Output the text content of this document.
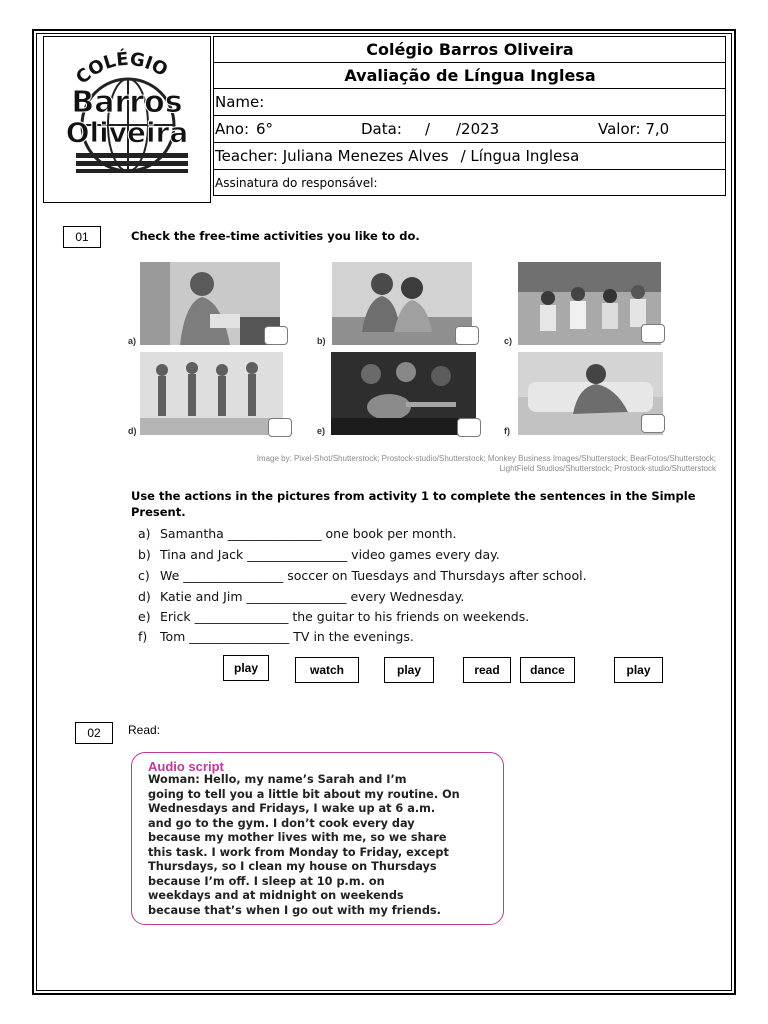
COLÉGIO
Barros
Oliveira
Colégio Barros Oliveira
Avaliação de Língua Inglesa
Name:
Ano: 6°	Data: / /2023	Valor: 7,0
Teacher: Juliana Menezes Alves / Língua Inglesa
Assinatura do responsável:
01	Check the free-time activities you like to do.
a)	b)	c)
d)	e)	f)
Image by: Pixel-Shot/Shutterstock; Prostock-studio/Shutterstock; Monkey Business Images/Shutterstock; BearFotos/Shutterstock;
LightField Studios/Shutterstock; Prostock-studio/Shutterstock
Use the actions in the pictures from activity 1 to complete the sentences in the Simple
Present.
a) Samantha _______________ one book per month.
b) Tina and Jack ________________ video games every day.
c) We ________________ soccer on Tuesdays and Thursdays after school.
d) Katie and Jim ________________ every Wednesday.
e) Erick _______________ the guitar to his friends on weekends.
f) Tom ________________ TV in the evenings.
play	watch	play	read	dance	play
02	Read:
Audio script
Woman: Hello, my name’s Sarah and I’m
going to tell you a little bit about my routine. On
Wednesdays and Fridays, I wake up at 6 a.m.
and go to the gym. I don’t cook every day
because my mother lives with me, so we share
this task. I work from Monday to Friday, except
Thursdays, so I clean my house on Thursdays
because I’m off. I sleep at 10 p.m. on
weekdays and at midnight on weekends
because that’s when I go out with my friends.
